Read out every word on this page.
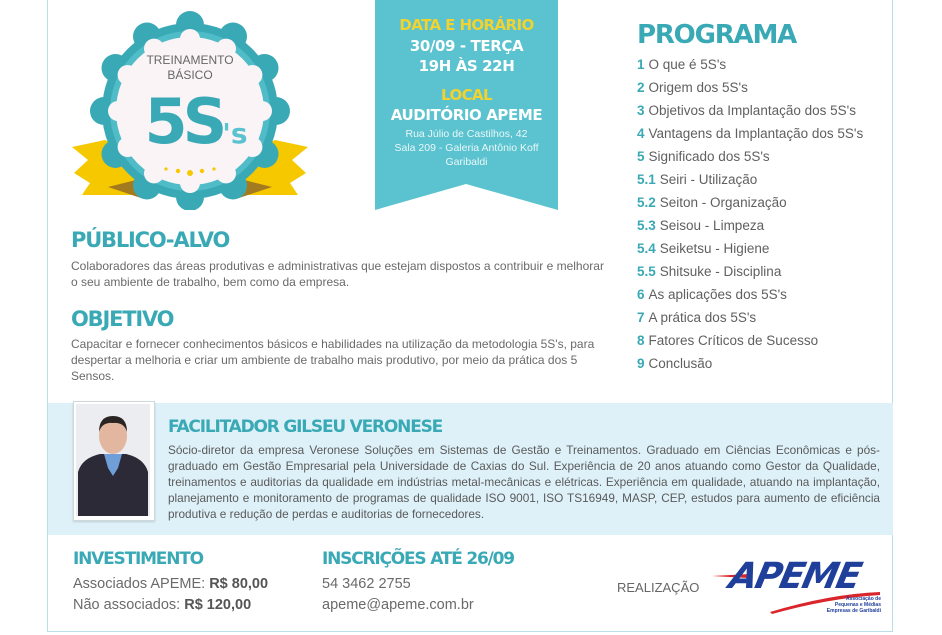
TREINAMENTO
BÁSICO
5S's
DATA E HORÁRIO
30/09 - TERÇA
19H ÀS 22H
LOCAL
AUDITÓRIO APEME
Rua Júlio de Castilhos, 42
Sala 209 - Galeria Antônio Koff
Garibaldi
PROGRAMA
1 O que é 5S's
2 Origem dos 5S's
3 Objetivos da Implantação dos 5S's
4 Vantagens da Implantação dos 5S's
5 Significado dos 5S's
5.1 Seiri - Utilização
5.2 Seiton - Organização
5.3 Seisou - Limpeza
5.4 Seiketsu - Higiene
5.5 Shitsuke - Disciplina
6 As aplicações dos 5S's
7 A prática dos 5S's
8 Fatores Críticos de Sucesso
9 Conclusão
PÚBLICO-ALVO
Colaboradores das áreas produtivas e administrativas que estejam dispostos a contribuir e melhorar o seu ambiente de trabalho, bem como da empresa.
OBJETIVO
Capacitar e fornecer conhecimentos básicos e habilidades na utilização da metodologia 5S's, para despertar a melhoria e criar um ambiente de trabalho mais produtivo, por meio da prática dos 5 Sensos.
FACILITADOR GILSEU VERONESE
Sócio-diretor da empresa Veronese Soluções em Sistemas de Gestão e Treinamentos. Graduado em Ciências Econômicas e pós-graduado em Gestão Empresarial pela Universidade de Caxias do Sul. Experiência de 20 anos atuando como Gestor da Qualidade, treinamentos e auditorias da qualidade em indústrias metal-mecânicas e elétricas. Experiência em qualidade, atuando na implantação, planejamento e monitoramento de programas de qualidade ISO 9001, ISO TS16949, MASP, CEP, estudos para aumento de eficiência produtiva e redução de perdas e auditorias de fornecedores.
INVESTIMENTO
Associados APEME: R$ 80,00
Não associados: R$ 120,00
INSCRIÇÕES ATÉ 26/09
54 3462 2755
apeme@apeme.com.br
REALIZAÇÃO APEME
Associação de
Pequenas e Médias
Empresas de Garibaldi
